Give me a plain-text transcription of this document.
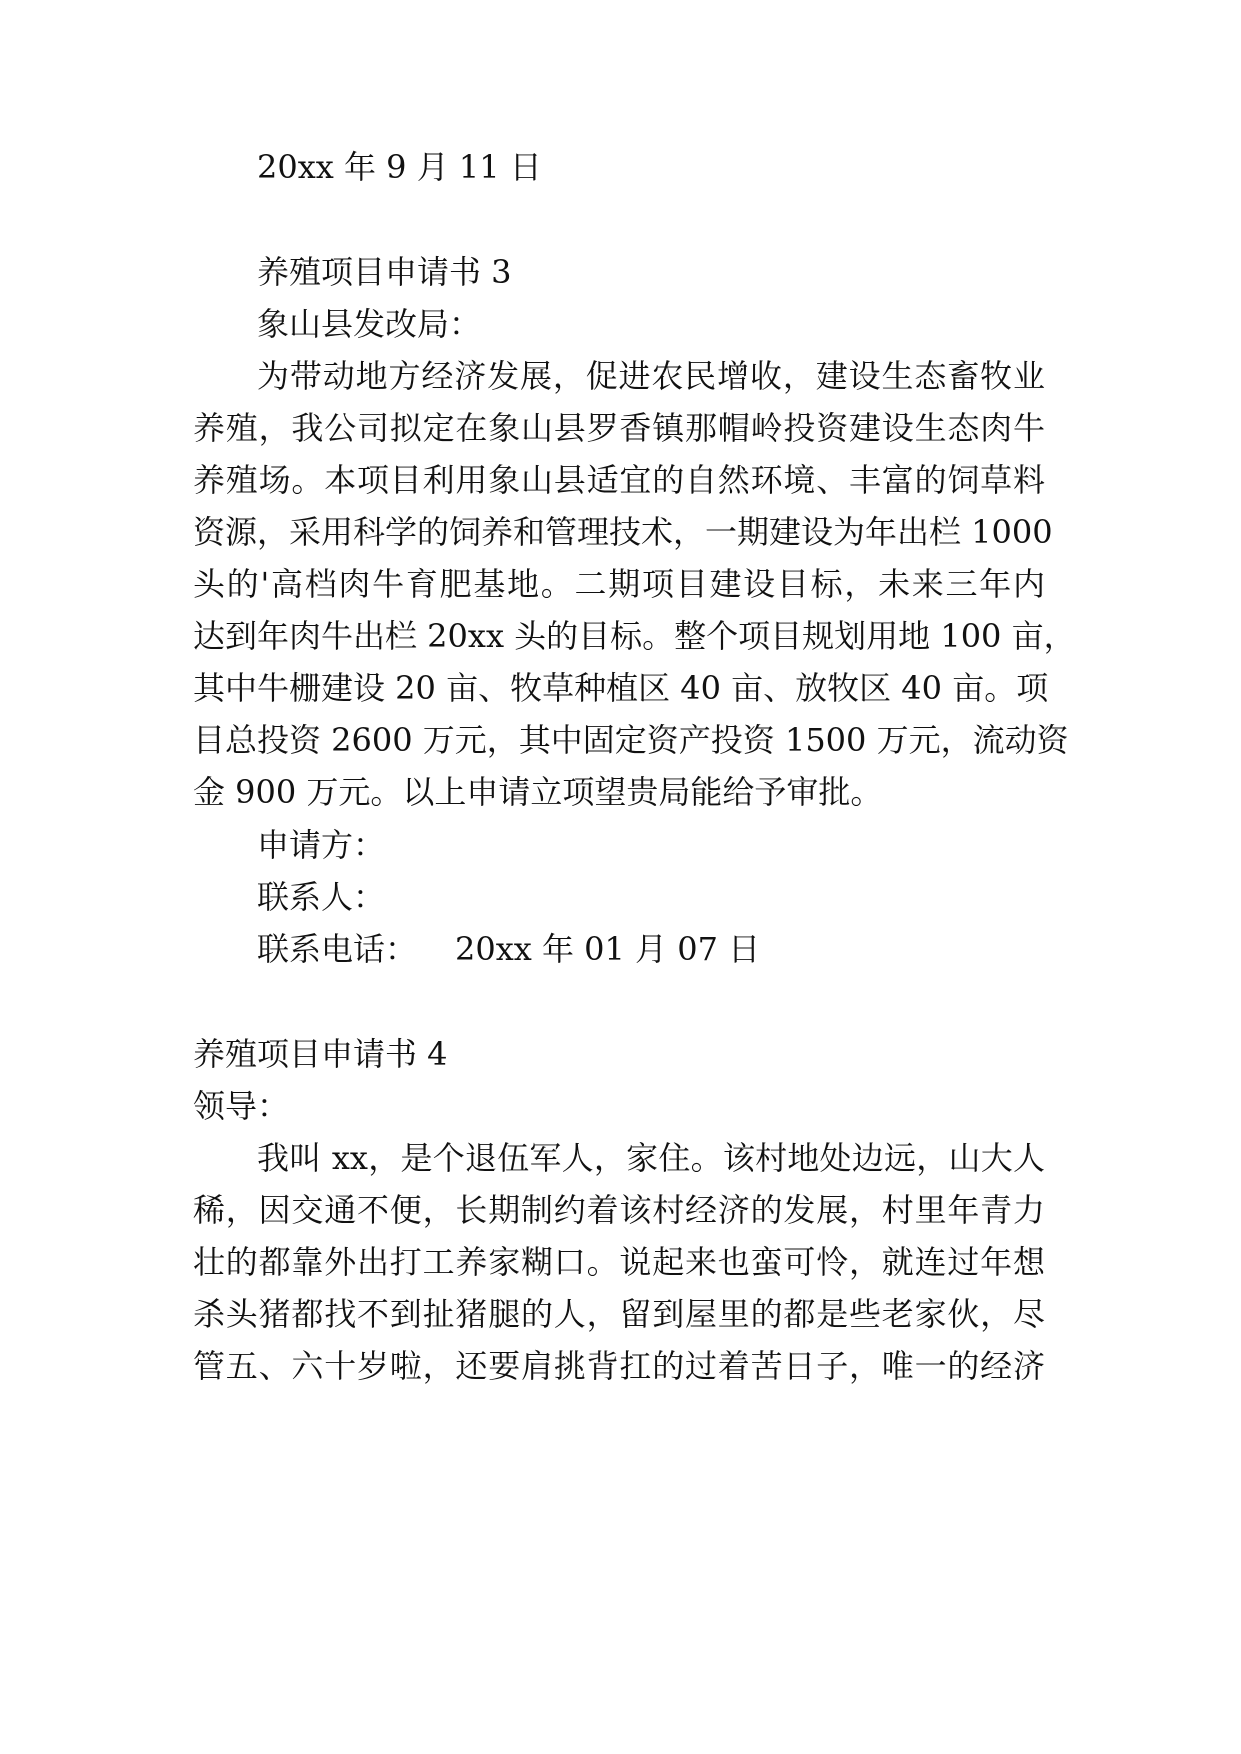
20xx 年 9 月 11 日
养殖项目申请书 3
象山县发改局：
为带动地方经济发展，促进农民增收，建设生态畜牧业
养殖，我公司拟定在象山县罗香镇那帽岭投资建设生态肉牛
养殖场。本项目利用象山县适宜的自然环境、丰富的饲草料
资源，采用科学的饲养和管理技术，一期建设为年出栏 1000
头的'高档肉牛育肥基地。二期项目建设目标，未来三年内
达到年肉牛出栏 20xx 头的目标。整个项目规划用地 100 亩，
其中牛栅建设 20 亩、牧草种植区 40 亩、放牧区 40 亩。项
目总投资 2600 万元，其中固定资产投资 1500 万元，流动资
金 900 万元。以上申请立项望贵局能给予审批。
申请方：
联系人：
联系电话： 20xx 年 01 月 07 日
养殖项目申请书 4
领导：
我叫 xx，是个退伍军人，家住。该村地处边远，山大人
稀，因交通不便，长期制约着该村经济的发展，村里年青力
壮的都靠外出打工养家糊口。说起来也蛮可怜，就连过年想
杀头猪都找不到扯猪腿的人，留到屋里的都是些老家伙，尽
管五、六十岁啦，还要肩挑背扛的过着苦日子，唯一的经济
